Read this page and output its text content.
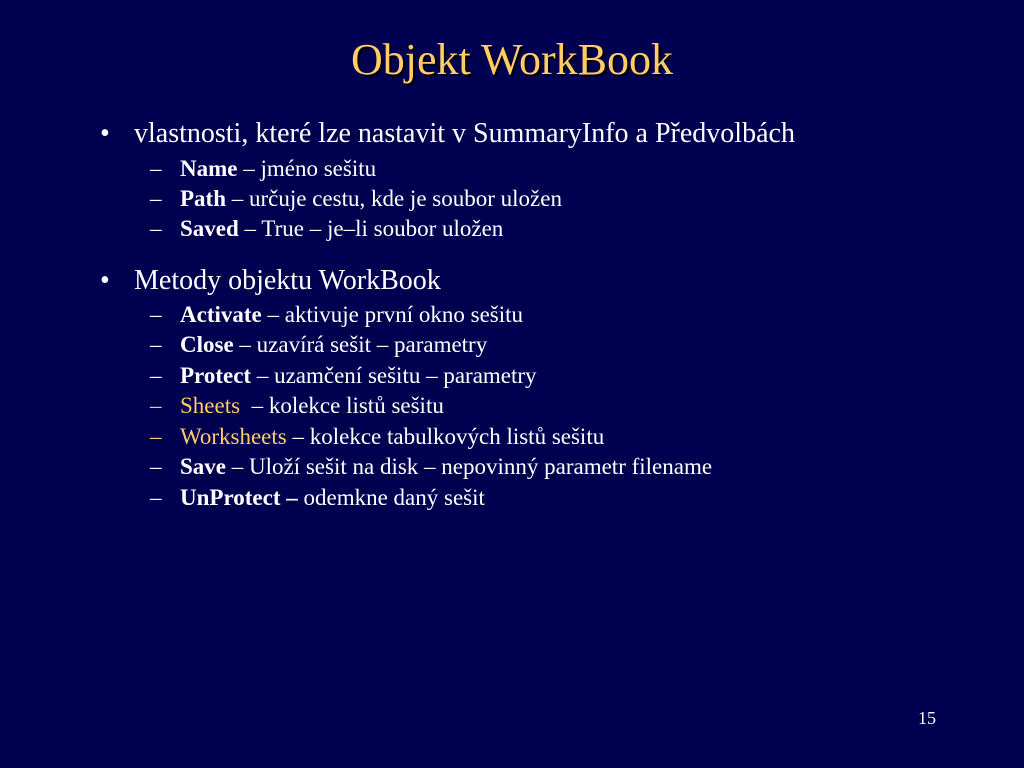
Objekt WorkBook
• vlastnosti, které lze nastavit v SummaryInfo a Předvolbách
– Name – jméno sešitu
– Path – určuje cestu, kde je soubor uložen
– Saved – True – je–li soubor uložen
• Metody objektu WorkBook
– Activate – aktivuje první okno sešitu
– Close – uzavírá sešit – parametry
– Protect – uzamčení sešitu – parametry
– Sheets  – kolekce listů sešitu
– Worksheets – kolekce tabulkových listů sešitu
– Save – Uloží sešit na disk – nepovinný parametr filename
– UnProtect – odemkne daný sešit
15
